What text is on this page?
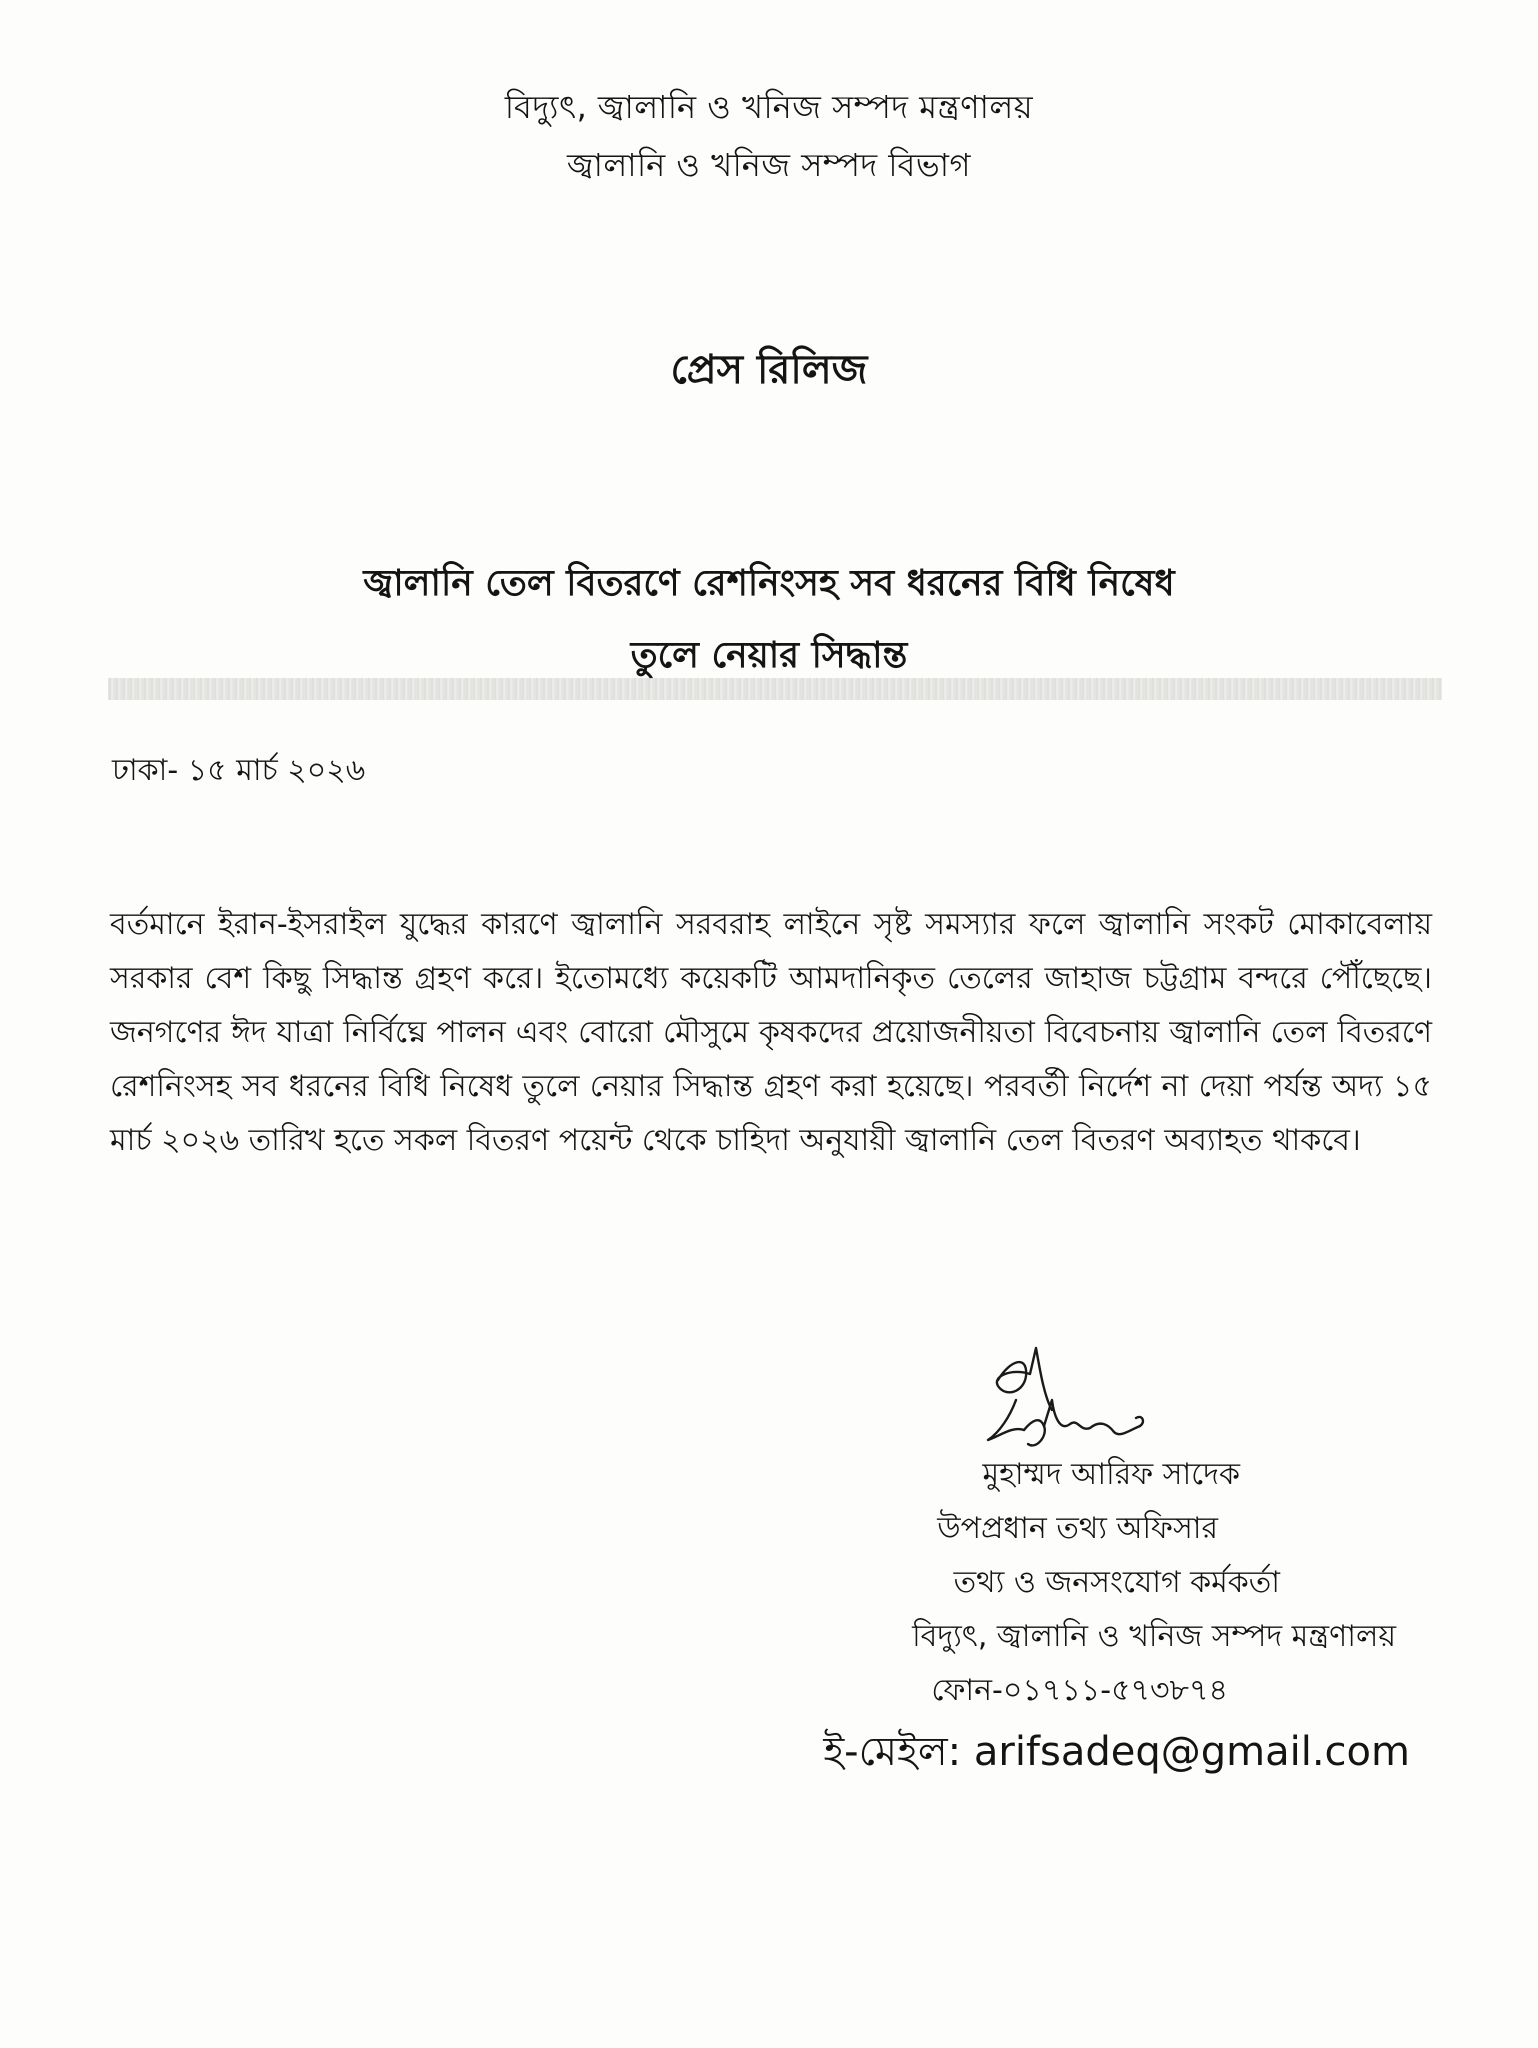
বিদ্যুৎ, জ্বালানি ও খনিজ সম্পদ মন্ত্রণালয়
জ্বালানি ও খনিজ সম্পদ বিভাগ
প্রেস রিলিজ
জ্বালানি তেল বিতরণে রেশনিংসহ সব ধরনের বিধি নিষেধ
তুলে নেয়ার সিদ্ধান্ত
ঢাকা- ১৫ মার্চ ২০২৬
বর্তমানে ইরান-ইসরাইল যুদ্ধের কারণে জ্বালানি সরবরাহ লাইনে সৃষ্ট সমস্যার ফলে জ্বালানি সংকট মোকাবেলায় সরকার বেশ কিছু সিদ্ধান্ত গ্রহণ করে। ইতোমধ্যে কয়েকটি আমদানিকৃত তেলের জাহাজ চট্টগ্রাম বন্দরে পৌঁছেছে। জনগণের ঈদ যাত্রা নির্বিঘ্নে পালন এবং বোরো মৌসুমে কৃষকদের প্রয়োজনীয়তা বিবেচনায় জ্বালানি তেল বিতরণে রেশনিংসহ সব ধরনের বিধি নিষেধ তুলে নেয়ার সিদ্ধান্ত গ্রহণ করা হয়েছে। পরবর্তী নির্দেশ না দেয়া পর্যন্ত অদ্য ১৫ মার্চ ২০২৬ তারিখ হতে সকল বিতরণ পয়েন্ট থেকে চাহিদা অনুযায়ী জ্বালানি তেল বিতরণ অব্যাহত থাকবে।
মুহাম্মদ আরিফ সাদেক
উপপ্রধান তথ্য অফিসার
তথ্য ও জনসংযোগ কর্মকর্তা
বিদ্যুৎ, জ্বালানি ও খনিজ সম্পদ মন্ত্রণালয়
ফোন-০১৭১১-৫৭৩৮৭৪
ই-মেইল: arifsadeq@gmail.com
